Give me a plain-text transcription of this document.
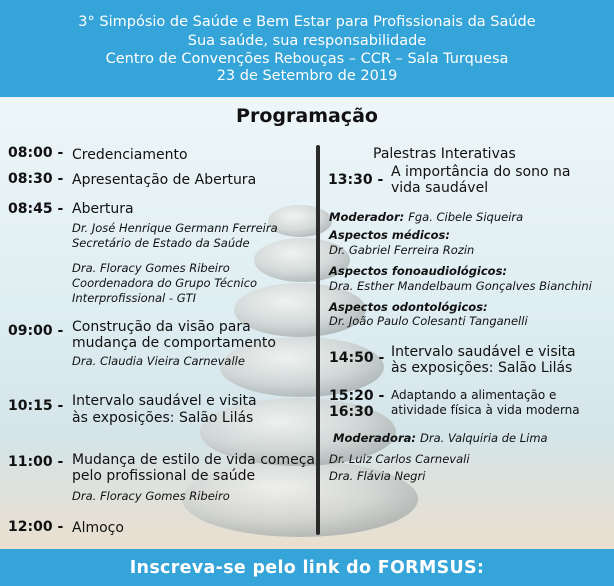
3° Simpósio de Saúde e Bem Estar para Profissionais da Saúde
Sua saúde, sua responsabilidade
Centro de Convenções Rebouças – CCR – Sala Turquesa
23 de Setembro de 2019
Programação
08:00 - Credenciamento
08:30 - Apresentação de Abertura
08:45 - Abertura
Dr. José Henrique Germann Ferreira
Secretário de Estado da Saúde
Dra. Floracy Gomes Ribeiro
Coordenadora do Grupo Técnico
Interprofissional - GTI
09:00 - Construção da visão para
mudança de comportamento
Dra. Claudia Vieira Carnevalle
10:15 - Intervalo saudável e visita
às exposições: Salão Lilás
11:00 - Mudança de estilo de vida começa
pelo profissional de saúde
Dra. Floracy Gomes Ribeiro
12:00 - Almoço
Palestras Interativas
13:30 - A importância do sono na
vida saudável
Moderador: Fga. Cibele Siqueira
Aspectos médicos:
Dr. Gabriel Ferreira Rozin
Aspectos fonoaudiológicos:
Dra. Esther Mandelbaum Gonçalves Bianchini
Aspectos odontológicos:
Dr. João Paulo Colesanti Tanganelli
14:50 - Intervalo saudável e visita
às exposições: Salão Lilás
15:20 -
16:30
Adaptando a alimentação e
atividade física à vida moderna
Moderadora: Dra. Valquiria de Lima
Dr. Luiz Carlos Carnevali
Dra. Flávia Negri
Inscreva-se pelo link do FORMSUS:
